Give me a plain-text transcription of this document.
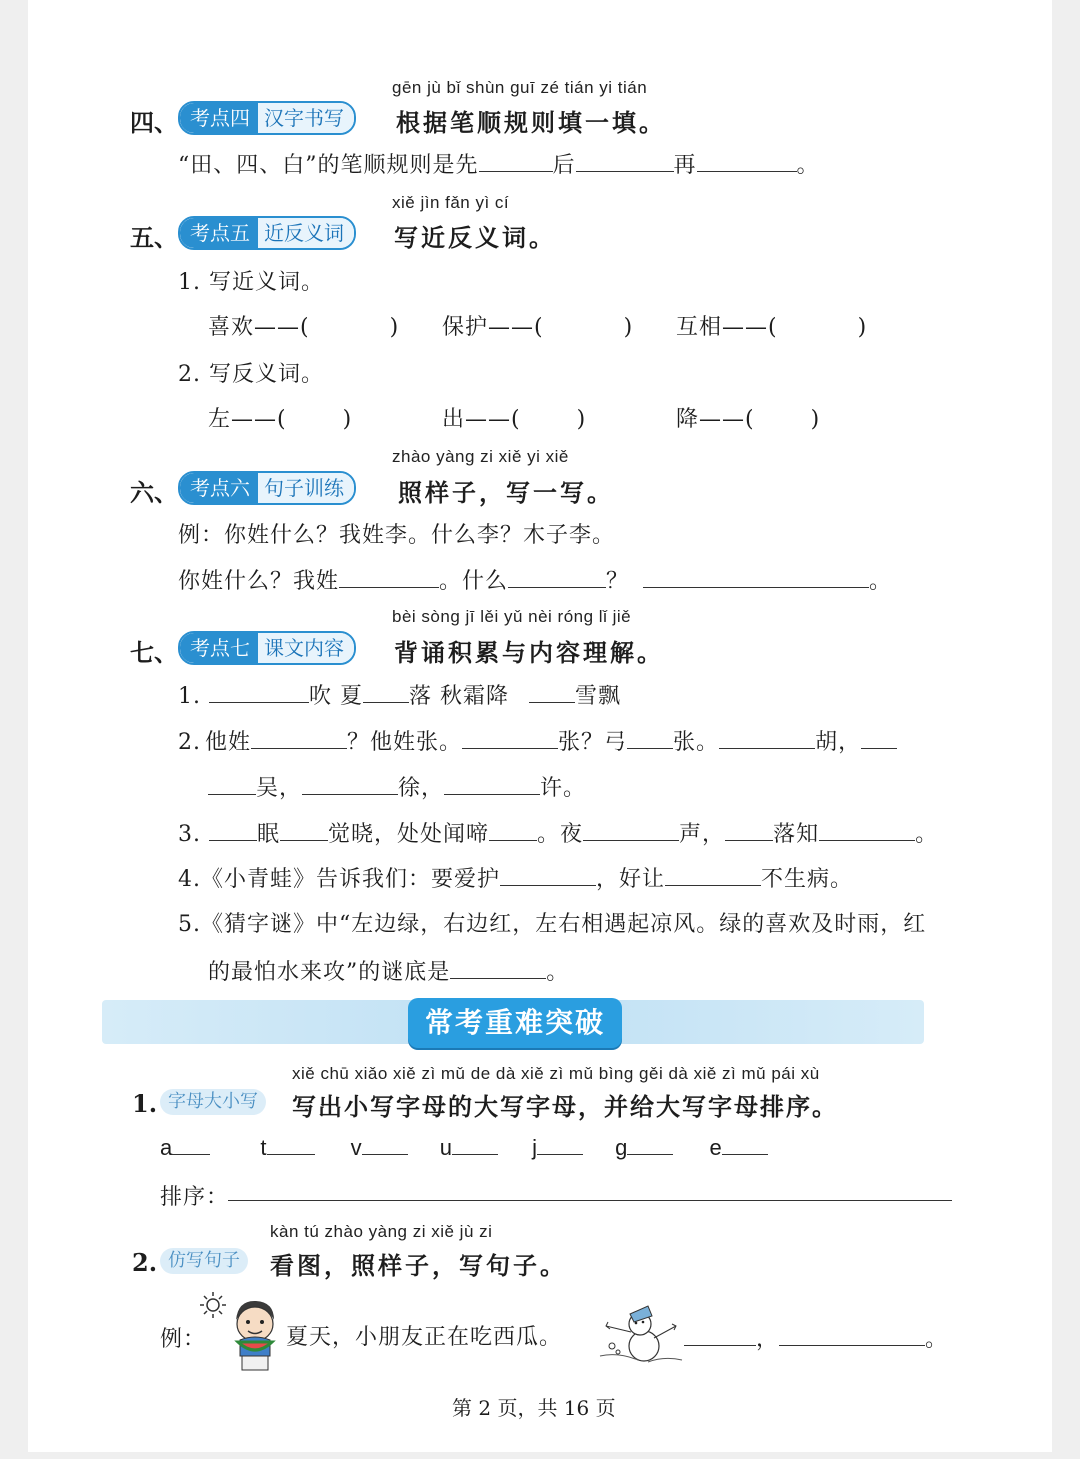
gēn jù bǐ shùn guī zé tián yi tián
四、 考点四 汉字书写	根据笔顺规则填一填。
“田、四、白”的笔顺规则是先	后	再	。
xiě jìn fǎn yì cí
五、 考点五 近反义词	写近反义词。
1. 写近义词。
喜欢——(	) 保护——(	) 互相——(	)
2. 写反义词。
左——(	)	出——(	)	降——(	)
zhào yàng zi xiě yi xiě
六、 考点六 句子训练	照样子，写一写。
例：你姓什么？我姓李。什么李？木子李。
你姓什么？我姓	。什么	？	。
bèi sòng jī lěi yǔ nèi róng lǐ jiě
七、 考点七 课文内容	背诵积累与内容理解。
1.	吹 夏 落 秋霜降	雪飘
2. 他姓	？他姓张。	张？弓 张。	胡，
吴，	徐，	许。
3.	眠 觉晓，处处闻啼 。夜	声， 落知	。
4.《小青蛙》告诉我们：要爱护	，好让	不生病。
5.《猜字谜》中“左边绿，右边红，左右相遇起凉风。绿的喜欢及时雨，红
的最怕水来攻”的谜底是	。
常考重难突破
xiě chū xiǎo xiě zì mǔ de dà xiě zì mǔ bìng gěi dà xiě zì mǔ pái xù
1. 字母大小写	写出小写字母的大写字母，并给大写字母排序。
a	t	v	u	j	g	e
排序：
kàn tú zhào yàng zi xiě jù zi
2. 仿写句子	看图，照样子，写句子。
例：	夏天，小朋友正在吃西瓜。	，	。
第 2 页，共 16 页
